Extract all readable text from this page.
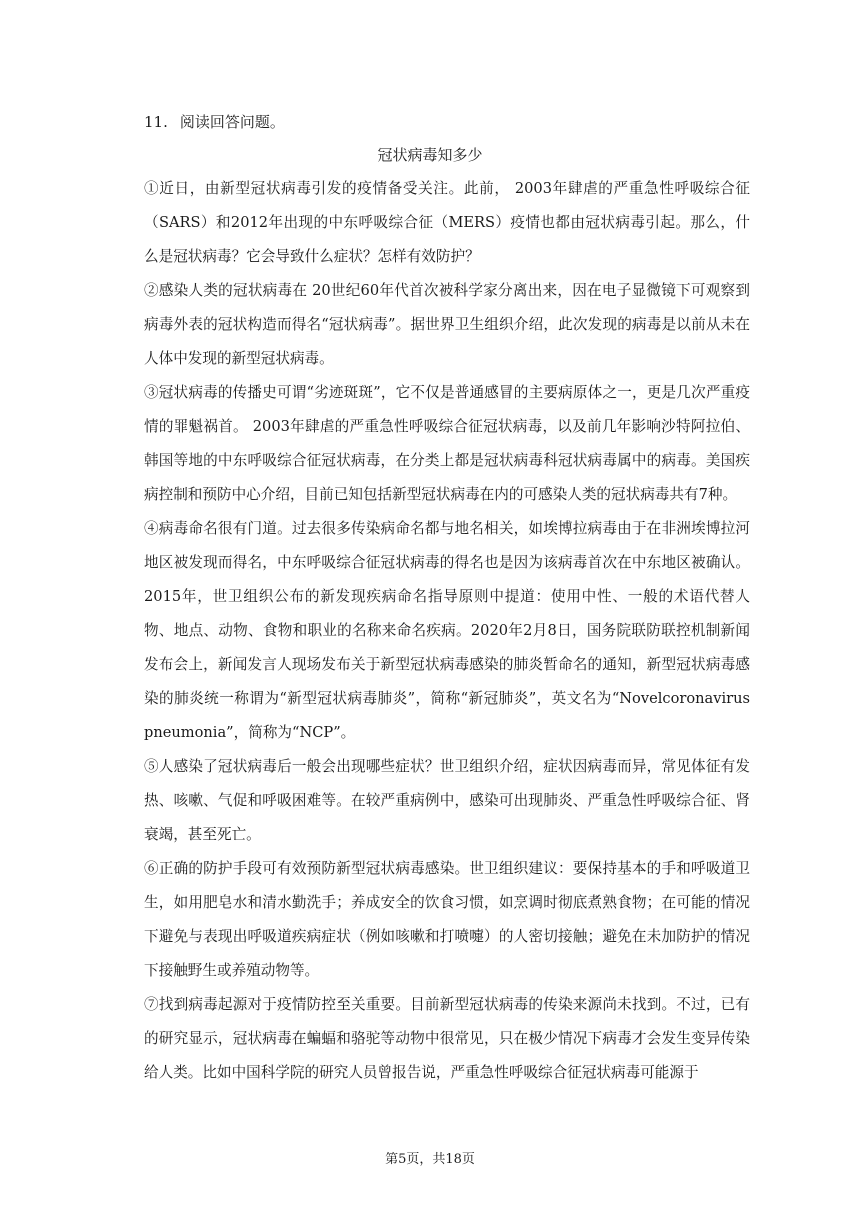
11. 阅读回答问题。
冠状病毒知多少

①近日，由新型冠状病毒引发的疫情备受关注。此前， 2003年肆虐的严重急性呼吸综合征（SARS）和2012年出现的中东呼吸综合征（MERS）疫情也都由冠状病毒引起。那么，什么是冠状病毒？它会导致什么症状？怎样有效防护？

②感染人类的冠状病毒在 20世纪60年代首次被科学家分离出来，因在电子显微镜下可观察到病毒外表的冠状构造而得名“冠状病毒”。据世界卫生组织介绍，此次发现的病毒是以前从未在人体中发现的新型冠状病毒。

③冠状病毒的传播史可谓“劣迹斑斑”，它不仅是普通感冒的主要病原体之一，更是几次严重疫情的罪魁祸首。 2003年肆虐的严重急性呼吸综合征冠状病毒，以及前几年影响沙特阿拉伯、韩国等地的中东呼吸综合征冠状病毒，在分类上都是冠状病毒科冠状病毒属中的病毒。美国疾病控制和预防中心介绍，目前已知包括新型冠状病毒在内的可感染人类的冠状病毒共有7种。

④病毒命名很有门道。过去很多传染病命名都与地名相关，如埃博拉病毒由于在非洲埃博拉河地区被发现而得名，中东呼吸综合征冠状病毒的得名也是因为该病毒首次在中东地区被确认。 2015年，世卫组织公布的新发现疾病命名指导原则中提道：使用中性、一般的术语代替人物、地点、动物、食物和职业的名称来命名疾病。2020年2月8日，国务院联防联控机制新闻发布会上，新闻发言人现场发布关于新型冠状病毒感染的肺炎暂命名的通知，新型冠状病毒感染的肺炎统一称谓为“新型冠状病毒肺炎”，简称“新冠肺炎”，英文名为“Novelcoronavirus pneumonia”，简称为“NCP”。

⑤人感染了冠状病毒后一般会出现哪些症状？世卫组织介绍，症状因病毒而异，常见体征有发热、咳嗽、气促和呼吸困难等。在较严重病例中，感染可出现肺炎、严重急性呼吸综合征、肾衰竭，甚至死亡。

⑥正确的防护手段可有效预防新型冠状病毒感染。世卫组织建议：要保持基本的手和呼吸道卫生，如用肥皂水和清水勤洗手；养成安全的饮食习惯，如烹调时彻底煮熟食物；在可能的情况下避免与表现出呼吸道疾病症状（例如咳嗽和打喷嚏）的人密切接触；避免在未加防护的情况下接触野生或养殖动物等。

⑦找到病毒起源对于疫情防控至关重要。目前新型冠状病毒的传染来源尚未找到。不过，已有的研究显示，冠状病毒在蝙蝠和骆驼等动物中很常见，只在极少情况下病毒才会发生变异传染给人类。比如中国科学院的研究人员曾报告说，严重急性呼吸综合征冠状病毒可能源于

第5页，共18页
